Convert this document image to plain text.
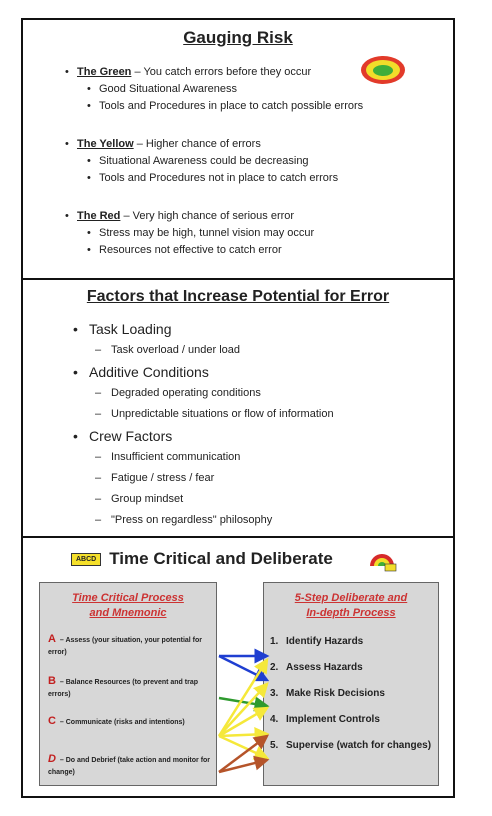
Gauging Risk
• The Green – You catch errors before they occur
• Good Situational Awareness
• Tools and Procedures in place to catch possible errors
• The Yellow – Higher chance of errors
• Situational Awareness could be decreasing
• Tools and Procedures not in place to catch errors
• The Red – Very high chance of serious error
• Stress may be high, tunnel vision may occur
• Resources not effective to catch error
Factors that Increase Potential for Error
• Task Loading
– Task overload / under load
• Additive Conditions
– Degraded operating conditions
– Unpredictable situations or flow of information
• Crew Factors
– Insufficient communication
– Fatigue / stress / fear
– Group mindset
– "Press on regardless" philosophy
ABCD Time Critical and Deliberate
Time Critical Process
and Mnemonic
A – Assess (your situation, your potential for error)
B – Balance Resources (to prevent and trap errors)
C – Communicate (risks and intentions)
D – Do and Debrief (take action and monitor for change)
5-Step Deliberate and
In-depth Process
1. Identify Hazards
2. Assess Hazards
3. Make Risk Decisions
4. Implement Controls
5. Supervise (watch for changes)
